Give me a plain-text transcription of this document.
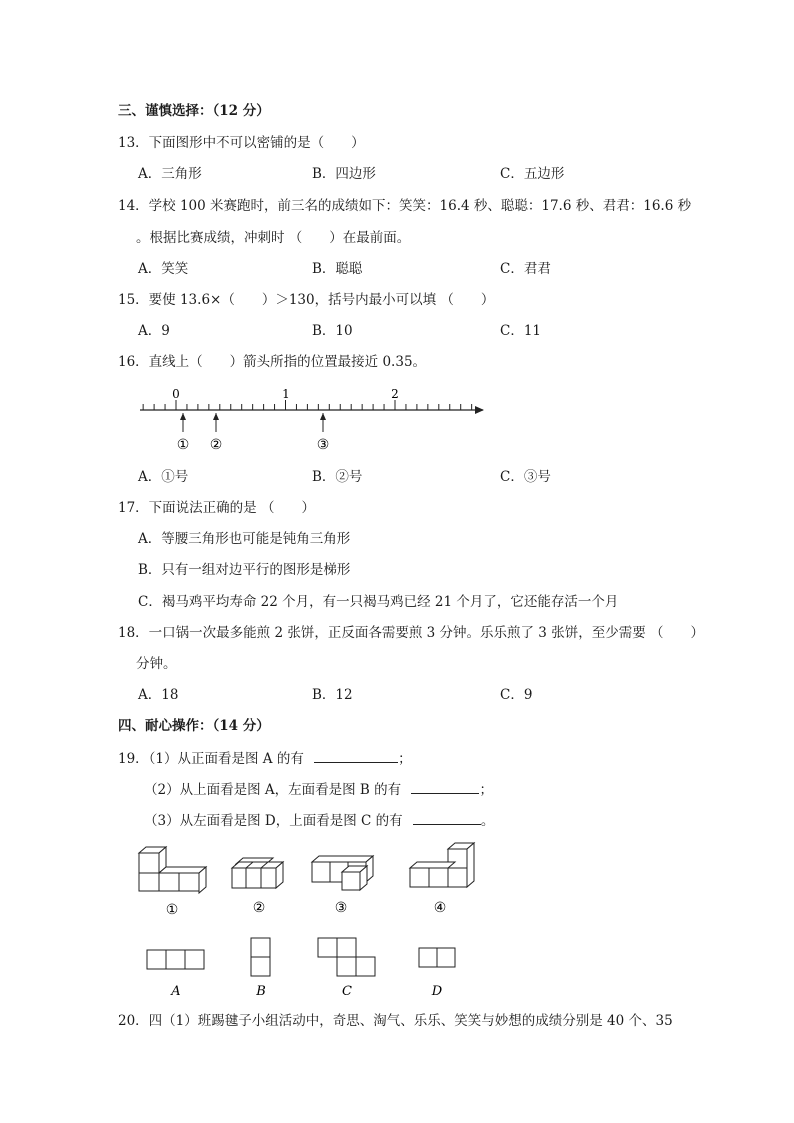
三、谨慎选择：（12 分）
13．下面图形中不可以密铺的是（　　）
A．三角形	B．四边形	C．五边形
14．学校 100 米赛跑时，前三名的成绩如下：笑笑：16.4 秒、聪聪：17.6 秒、君君：16.6 秒
。根据比赛成绩，冲刺时 （　　）在最前面。
A．笑笑	B．聪聪	C．君君
15．要使 13.6×（　　）＞130，括号内最小可以填 （　　）
A．9	B．10	C．11
16．直线上（　　）箭头所指的位置最接近 0.35。
0	1	2
① ②	③
A．①号	B．②号	C．③号
17．下面说法正确的是 （　　）
A．等腰三角形也可能是钝角三角形
B．只有一组对边平行的图形是梯形
C．褐马鸡平均寿命 22 个月，有一只褐马鸡已经 21 个月了，它还能存活一个月
18．一口锅一次最多能煎 2 张饼，正反面各需要煎 3 分钟。乐乐煎了 3 张饼，至少需要 （　　）
分钟。
A．18	B．12	C．9
四、耐心操作：（14 分）
19．（1）从正面看是图 A 的有	；
（2）从上面看是图 A，左面看是图 B 的有	；
（3）从左面看是图 D，上面看是图 C 的有	。
①	②	③	④
A	B	C	D
20．四（1）班踢毽子小组活动中，奇思、淘气、乐乐、笑笑与妙想的成绩分别是 40 个、35
